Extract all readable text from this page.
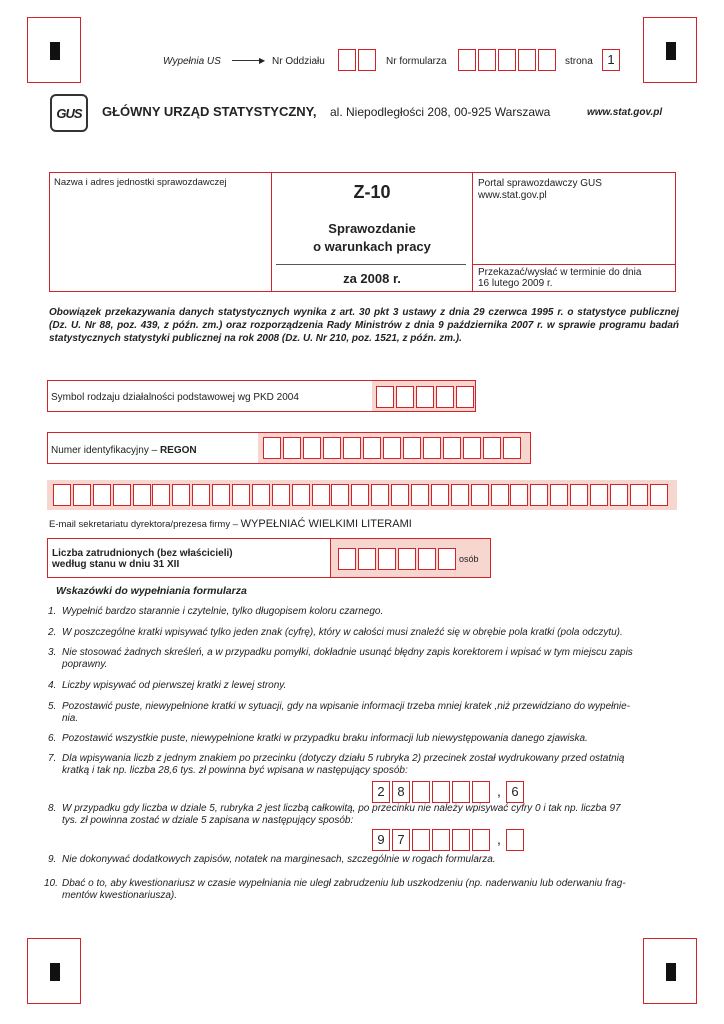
Wypełnia US	▶ Nr Oddziału	Nr formularza	strona	1
GUS	GŁÓWNY URZĄD STATYSTYCZNY, al. Niepodległości 208, 00-925 Warszawa	www.stat.gov.pl
Nazwa i adres jednostki sprawozdawczej	Z-10
Sprawozdanie
o warunkach pracy
za 2008 r.
Portal sprawozdawczy GUS
www.stat.gov.pl
Przekazać/wysłać w terminie do dnia
16 lutego 2009 r.
Obowiązek przekazywania danych statystycznych wynika z art. 30 pkt 3 ustawy z dnia 29 czerwca 1995 r. o statystyce publicznej (Dz. U. Nr 88, poz. 439, z późn. zm.) oraz rozporządzenia Rady Ministrów z dnia 9 października 2007 r. w sprawie programu badań statystycznych statystyki publicznej na rok 2008 (Dz. U. Nr 210, poz. 1521, z późn. zm.).
Symbol rodzaju działalności podstawowej wg PKD 2004
Numer identyfikacyjny – REGON
E-mail sekretariatu dyrektora/prezesa firmy – WYPEŁNIAĆ WIELKIMI LITERAMI
Liczba zatrudnionych (bez właścicieli)
według stanu w dniu 31 XII	osób
Wskazówki do wypełniania formularza
1. Wypełnić bardzo starannie i czytelnie, tylko długopisem koloru czarnego.
2. W poszczególne kratki wpisywać tylko jeden znak (cyfrę), który w całości musi znaleźć się w obrębie pola kratki (pola odczytu).
3. Nie stosować żadnych skreśleń, a w przypadku pomyłki, dokładnie usunąć błędny zapis korektorem i wpisać w tym miejscu zapis
poprawny.
4. Liczby wpisywać od pierwszej kratki z lewej strony.
5. Pozostawić puste, niewypełnione kratki w sytuacji, gdy na wpisanie informacji trzeba mniej kratek ,niż przewidziano do wypełnie-
nia.
6. Pozostawić wszystkie puste, niewypełnione kratki w przypadku braku informacji lub niewystępowania danego zjawiska.
7. Dla wpisywania liczb z jednym znakiem po przecinku (dotyczy działu 5 rubryka 2) przecinek został wydrukowany przed ostatnią
kratką i tak np. liczba 28,6 tys. zł powinna być wpisana w następujący sposób:
2 8	, 6
8. W przypadku gdy liczba w dziale 5, rubryka 2 jest liczbą całkowitą, po przecinku nie należy wpisywać cyfry 0 i tak np. liczba 97
tys. zł powinna zostać w dziale 5 zapisana w następujący sposób:
9 7	,
9. Nie dokonywać dodatkowych zapisów, notatek na marginesach, szczególnie w rogach formularza.
10. Dbać o to, aby kwestionariusz w czasie wypełniania nie uległ zabrudzeniu lub uszkodzeniu (np. naderwaniu lub oderwaniu frag-
mentów kwestionariusza).
